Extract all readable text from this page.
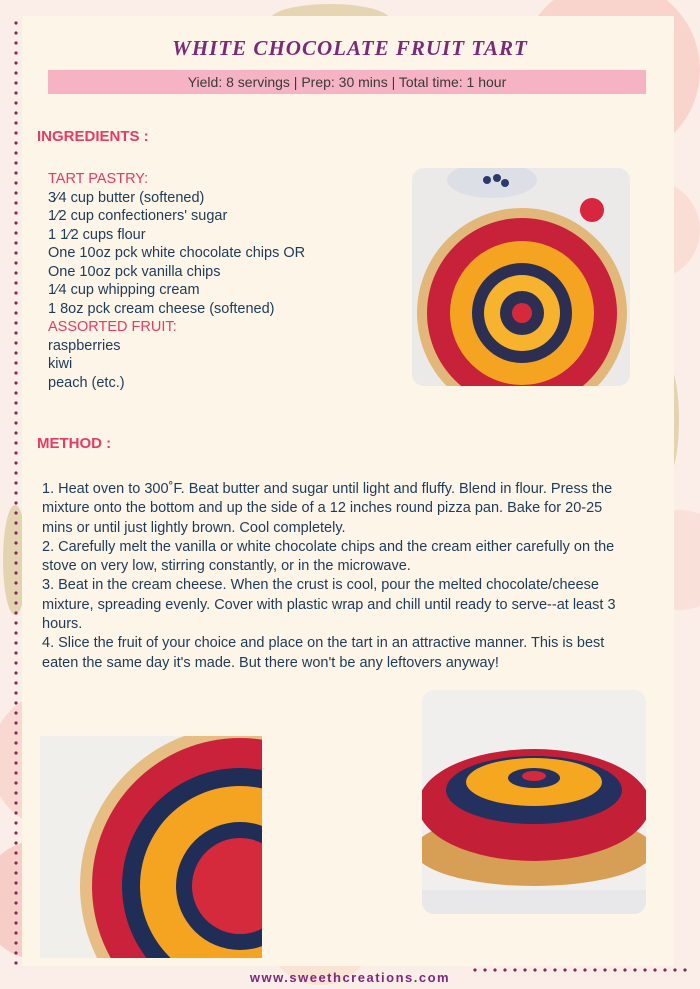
WHITE CHOCOLATE FRUIT TART

Yield: 8 servings | Prep: 30 mins | Total time: 1 hour

INGREDIENTS :
TART PASTRY:
3⁄4 cup butter (softened)
1⁄2 cup confectioners' sugar
1 1⁄2 cups flour
One 10oz pck white chocolate chips OR
One 10oz pck vanilla chips
1⁄4 cup whipping cream
1 8oz pck cream cheese (softened)
ASSORTED FRUIT:
raspberries
kiwi
peach (etc.)
METHOD :

1. Heat oven to 300˚F. Beat butter and sugar until light and fluffy. Blend in flour. Press the mixture onto the bottom and up the side of a 12 inches round pizza pan. Bake for 20-25 mins or until just lightly brown. Cool completely.

2. Carefully melt the vanilla or white chocolate chips and the cream either carefully on the stove on very low, stirring constantly, or in the microwave.

3. Beat in the cream cheese. When the crust is cool, pour the melted chocolate/cheese mixture, spreading evenly. Cover with plastic wrap and chill until ready to serve--at least 3 hours.

4. Slice the fruit of your choice and place on the tart in an attractive manner. This is best eaten the same day it's made. But there won't be any leftovers anyway!

www.sweethcreations.com
